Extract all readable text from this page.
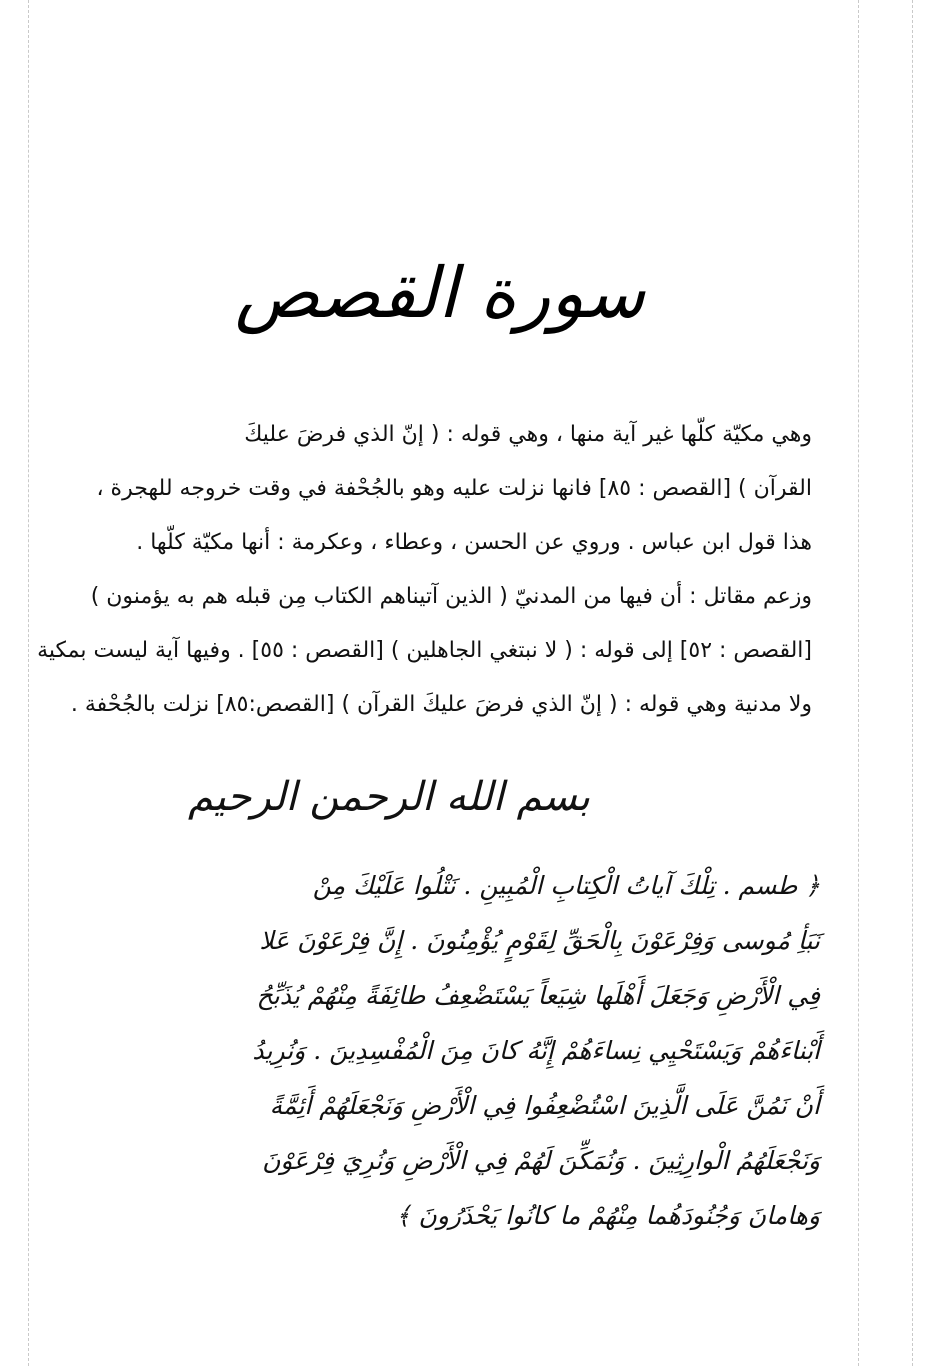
سورة القصص
وهي مكيّة كلّها غير آية منها ، وهي قوله : ( إنّ الذي فرضَ عليكَ
القرآن ) [القصص : ٨٥] فانها نزلت عليه وهو بالجُحْفة في وقت خروجه للهجرة ،
هذا قول ابن عباس . وروي عن الحسن ، وعطاء ، وعكرمة : أنها مكيّة كلّها .
وزعم مقاتل : أن فيها من المدنيّ ( الذين آتيناهم الكتاب مِن قبله هم به يؤمنون )
[القصص : ٥٢] إلى قوله : ( لا نبتغي الجاهلين ) [القصص : ٥٥] . وفيها آية ليست بمكية
ولا مدنية وهي قوله : ( إنّ الذي فرضَ عليكَ القرآن ) [القصص:٨٥] نزلت بالجُحْفة .
بسم الله الرحمن الرحيم
﴿ طسم . تِلْكَ آياتُ الْكِتابِ الْمُبِينِ . نَتْلُوا عَلَيْكَ مِنْ
نَبَأِ مُوسى وَفِرْعَوْنَ بِالْحَقِّ لِقَوْمٍ يُؤْمِنُونَ . إِنَّ فِرْعَوْنَ عَلا
فِي الْأَرْضِ وَجَعَلَ أَهْلَها شِيَعاً يَسْتَضْعِفُ طائِفَةً مِنْهُمْ يُذَبِّحُ
أَبْناءَهُمْ وَيَسْتَحْيِي نِساءَهُمْ إِنَّهُ كانَ مِنَ الْمُفْسِدِينَ . وَنُرِيدُ
أَنْ نَمُنَّ عَلَى الَّذِينَ اسْتُضْعِفُوا فِي الْأَرْضِ وَنَجْعَلَهُمْ أَئِمَّةً
وَنَجْعَلَهُمُ الْوارِثِينَ . وَنُمَكِّنَ لَهُمْ فِي الْأَرْضِ وَنُرِيَ فِرْعَوْنَ
وَهامانَ وَجُنُودَهُما مِنْهُمْ ما كانُوا يَحْذَرُونَ ﴾
